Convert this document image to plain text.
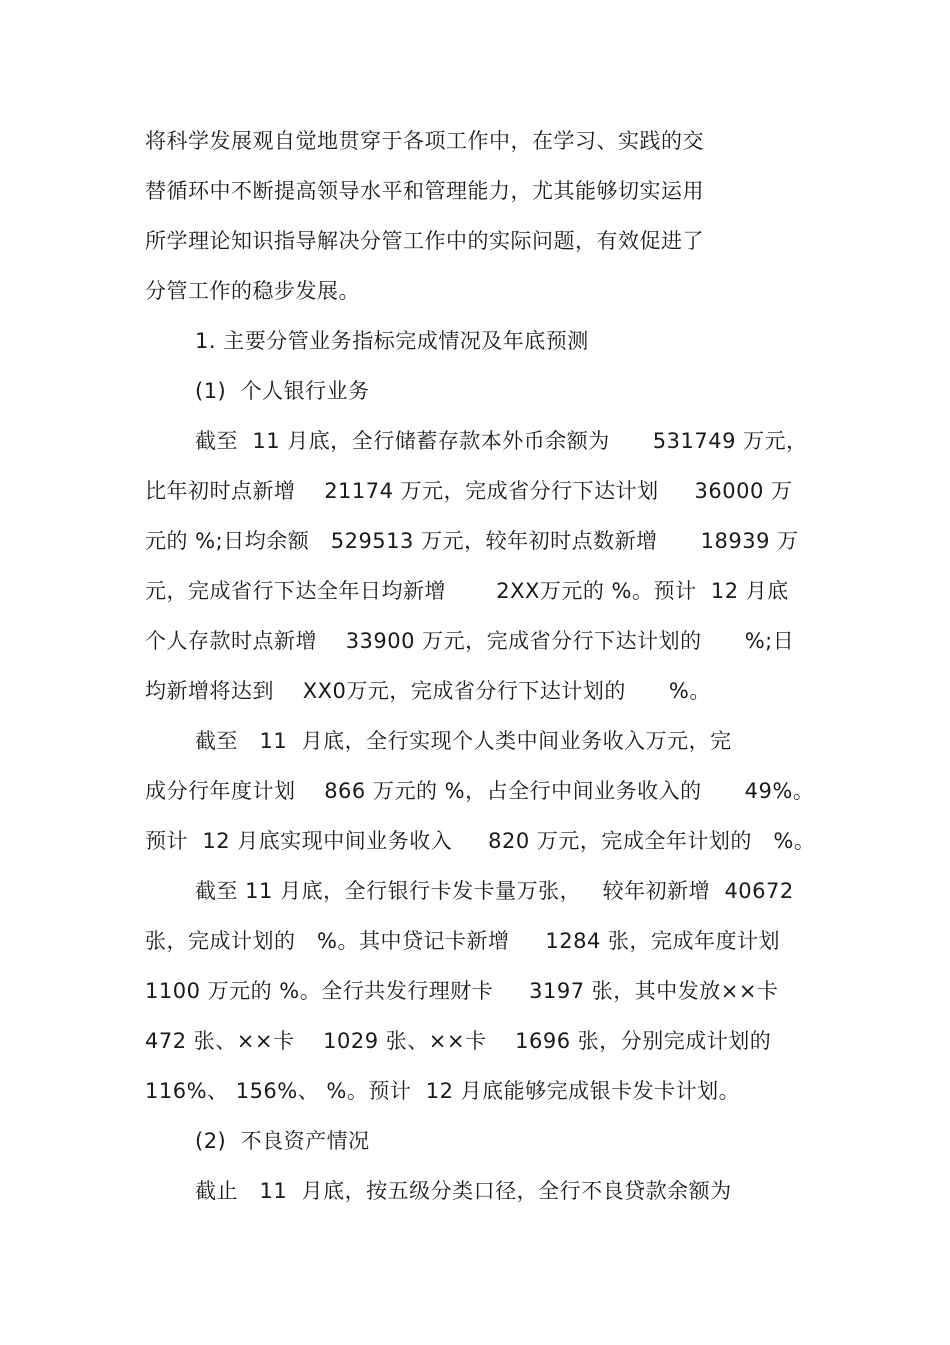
将科学发展观自觉地贯穿于各项工作中，在学习、实践的交
替循环中不断提高领导水平和管理能力，尤其能够切实运用
所学理论知识指导解决分管工作中的实际问题，有效促进了
分管工作的稳步发展。
1. 主要分管业务指标完成情况及年底预测
(1)  个人银行业务
截至  11 月底，全行储蓄存款本外币余额为      531749 万元，
比年初时点新增    21174 万元，完成省分行下达计划     36000 万
元的 %;日均余额   529513 万元，较年初时点数新增      18939 万
元，完成省行下达全年日均新增       2XX万元的 %。预计  12 月底
个人存款时点新增    33900 万元，完成省分行下达计划的      %;日
均新增将达到    XX0万元，完成省分行下达计划的      %。
截至   11  月底，全行实现个人类中间业务收入万元，完
成分行年度计划    866 万元的 %，占全行中间业务收入的      49%。
预计  12 月底实现中间业务收入     820 万元，完成全年计划的   %。
截至 11 月底，全行银行卡发卡量万张，   较年初新增  40672
张，完成计划的   %。其中贷记卡新增     1284 张，完成年度计划
1100 万元的 %。全行共发行理财卡     3197 张，其中发放××卡
472 张、××卡    1029 张、××卡    1696 张，分别完成计划的
116%、 156%、 %。预计  12 月底能够完成银卡发卡计划。
(2)  不良资产情况
截止   11  月底，按五级分类口径，全行不良贷款余额为
